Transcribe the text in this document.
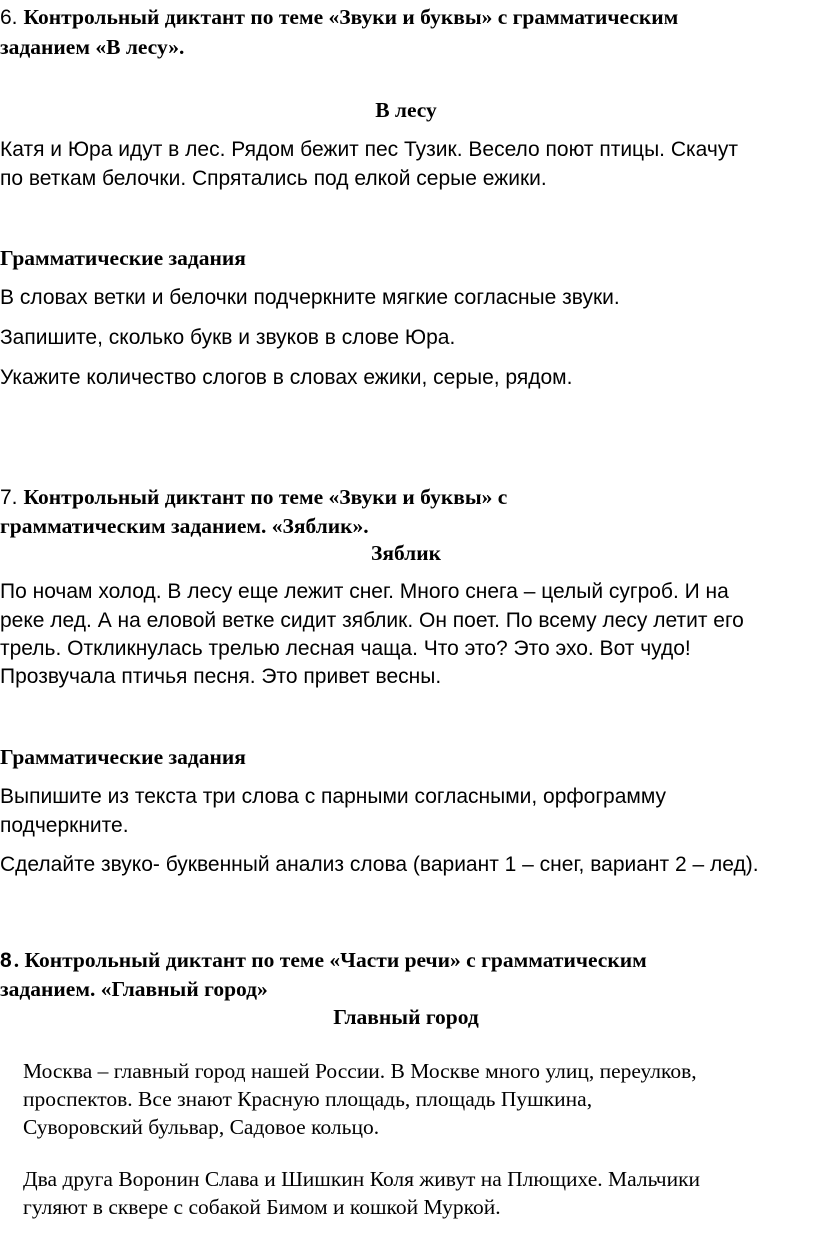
6. Контрольный диктант по теме «Звуки и буквы» с грамматическим
заданием «В лесу».
В лесу
Катя и Юра идут в лес. Рядом бежит пес Тузик. Весело поют птицы. Скачут
по веткам белочки. Спрятались под елкой серые ежики.
Грамматические задания
В словах ветки и белочки подчеркните мягкие согласные звуки.
Запишите, сколько букв и звуков в слове Юра.
Укажите количество слогов в словах ежики, серые, рядом.
7. Контрольный диктант по теме «Звуки и буквы» с
грамматическим заданием. «Зяблик».
Зяблик
По ночам холод. В лесу еще лежит снег. Много снега – целый сугроб. И на
реке лед. А на еловой ветке сидит зяблик. Он поет. По всему лесу летит его
трель. Откликнулась трелью лесная чаща. Что это? Это эхо. Вот чудо!
Прозвучала птичья песня. Это привет весны.
Грамматические задания
Выпишите из текста три слова с парными согласными, орфограмму
подчеркните.
Сделайте звуко- буквенный анализ слова (вариант 1 – снег, вариант 2 – лед).
8. Контрольный диктант по теме «Части речи» с грамматическим
заданием. «Главный город»
Главный город
Москва – главный город нашей России. В Москве много улиц, переулков,
проспектов. Все знают Красную площадь, площадь Пушкина,
Суворовский бульвар, Садовое кольцо.
Два друга Воронин Слава и Шишкин Коля живут на Плющихе. Мальчики
гуляют в сквере с собакой Бимом и кошкой Муркой.
